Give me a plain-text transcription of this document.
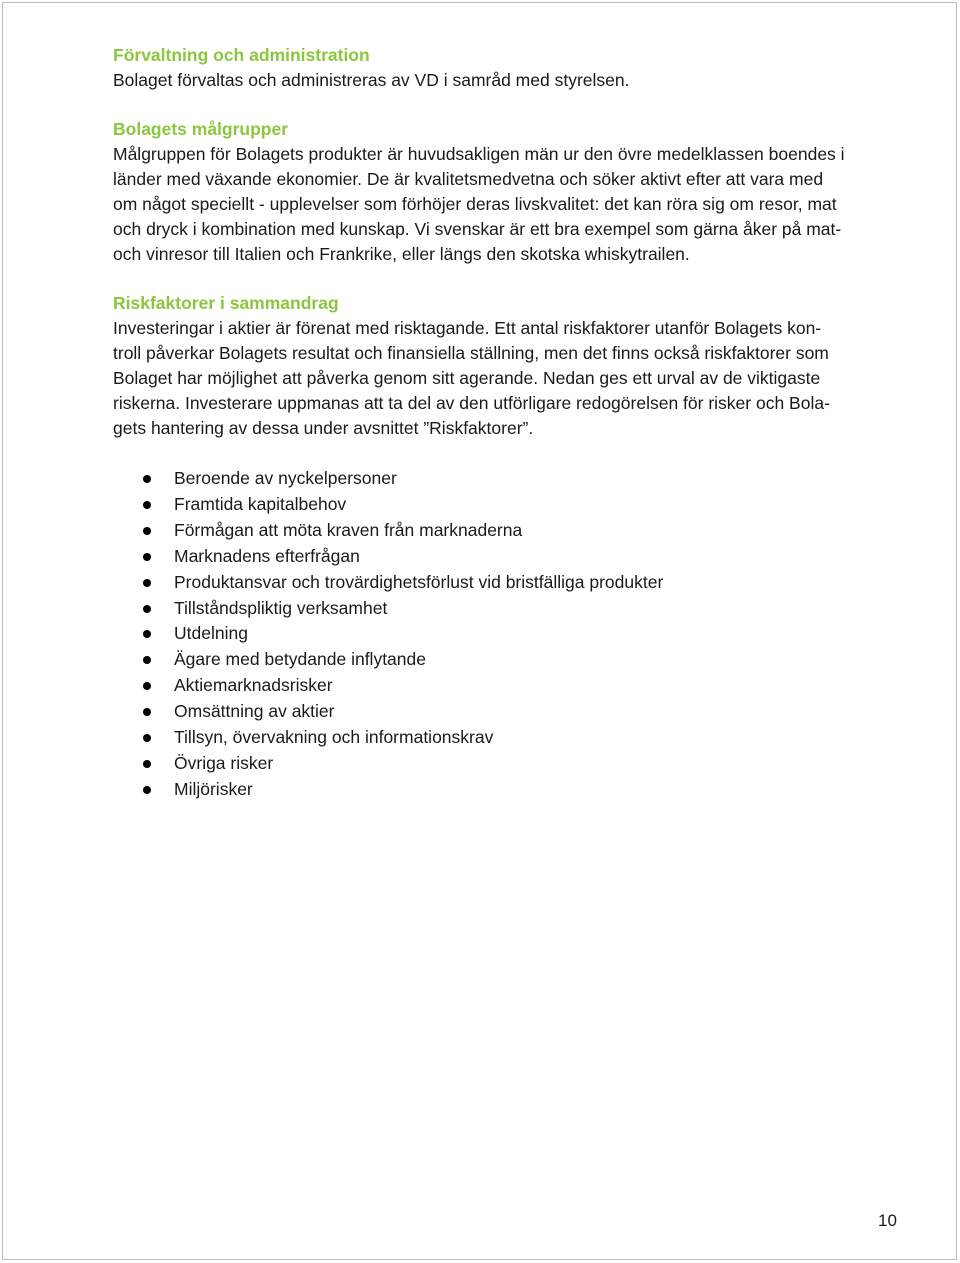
Förvaltning och administration

Bolaget förvaltas och administreras av VD i samråd med styrelsen.

Bolagets målgrupper

Målgruppen för Bolagets produkter är huvudsakligen män ur den övre medelklassen boendes i

länder med växande ekonomier. De är kvalitetsmedvetna och söker aktivt efter att vara med

om något speciellt - upplevelser som förhöjer deras livskvalitet: det kan röra sig om resor, mat

och dryck i kombination med kunskap. Vi svenskar är ett bra exempel som gärna åker på mat-

och vinresor till Italien och Frankrike, eller längs den skotska whiskytrailen.

Riskfaktorer i sammandrag

Investeringar i aktier är förenat med risktagande. Ett antal riskfaktorer utanför Bolagets kon-

troll påverkar Bolagets resultat och finansiella ställning, men det finns också riskfaktorer som

Bolaget har möjlighet att påverka genom sitt agerande. Nedan ges ett urval av de viktigaste

riskerna. Investerare uppmanas att ta del av den utförligare redogörelsen för risker och Bola-

gets hantering av dessa under avsnittet ”Riskfaktorer”.

Beroende av nyckelpersoner
Framtida kapitalbehov
Förmågan att möta kraven från marknaderna
Marknadens efterfrågan
Produktansvar och trovärdighetsförlust vid bristfälliga produkter
Tillståndspliktig verksamhet
Utdelning
Ägare med betydande inflytande
Aktiemarknadsrisker
Omsättning av aktier
Tillsyn, övervakning och informationskrav
Övriga risker
Miljörisker
10
